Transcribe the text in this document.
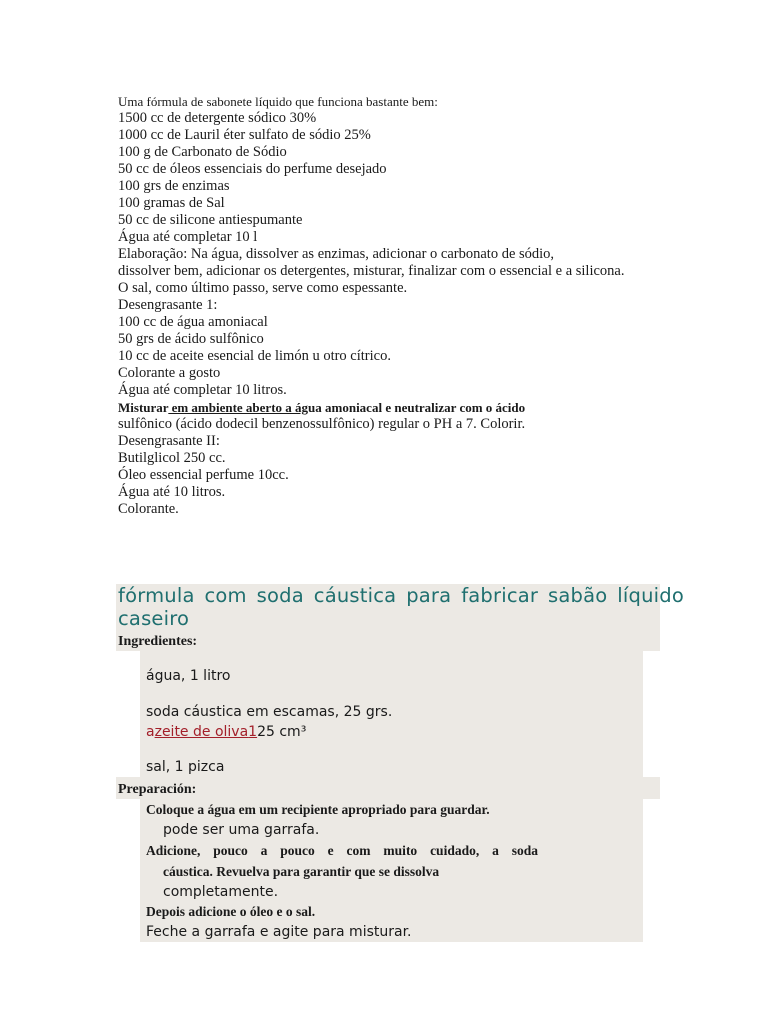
Uma fórmula de sabonete líquido que funciona bastante bem:
1500 cc de detergente sódico 30%
1000 cc de Lauril éter sulfato de sódio 25%
100 g de Carbonato de Sódio
50 cc de óleos essenciais do perfume desejado
100 grs de enzimas
100 gramas de Sal
50 cc de silicone antiespumante
Água até completar 10 l
Elaboração: Na água, dissolver as enzimas, adicionar o carbonato de sódio,
dissolver bem, adicionar os detergentes, misturar, finalizar com o essencial e a silicona.
O sal, como último passo, serve como espessante.
Desengrasante 1:
100 cc de água amoniacal
50 grs de ácido sulfônico
10 cc de aceite esencial de limón u otro cítrico.
Colorante a gosto
Água até completar 10 litros.
Misturar em ambiente aberto a água amoniacal e neutralizar com o ácido
sulfônico (ácido dodecil benzenossulfônico) regular o PH a 7. Colorir.
Desengrasante II:
Butilglicol 250 cc.
Óleo essencial perfume 10cc.
Água até 10 litros.
Colorante.
fórmula com soda cáustica para fabricar sabão líquido caseiro
Ingredientes:
água, 1 litro
soda cáustica em escamas, 25 grs.
azeite de oliva125 cm³
sal, 1 pizca
Preparación:
Coloque a água em um recipiente apropriado para guardar.
pode ser uma garrafa.
Adicione, pouco a pouco e com muito cuidado, a soda
cáustica. Revuelva para garantir que se dissolva
completamente.
Depois adicione o óleo e o sal.
Feche a garrafa e agite para misturar.
